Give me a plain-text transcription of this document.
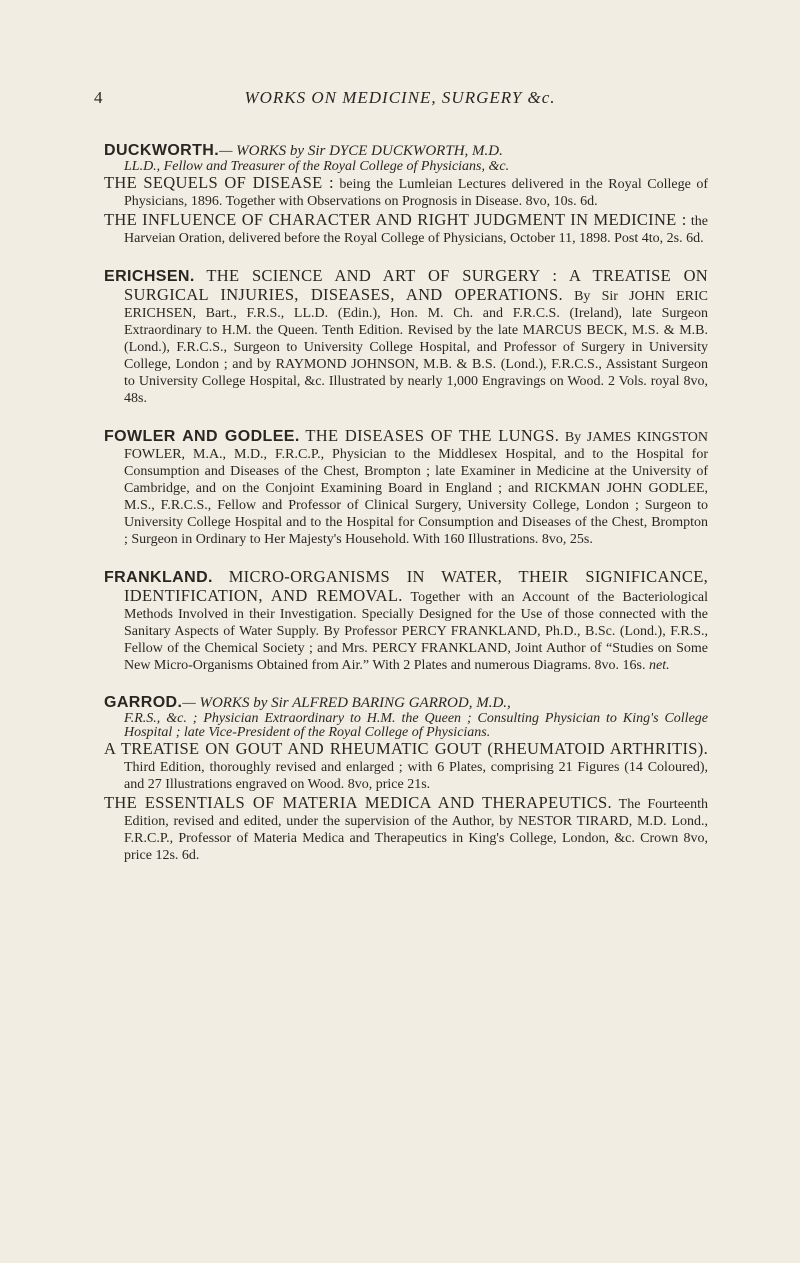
4	WORKS ON MEDICINE, SURGERY &c.

DUCKWORTH.— WORKS by Sir DYCE DUCKWORTH, M.D.

LL.D., Fellow and Treasurer of the Royal College of Physicians, &c.

THE SEQUELS OF DISEASE : being the Lumleian Lectures delivered in the Royal College of Physicians, 1896. Together with Observations on Prognosis in Disease. 8vo, 10s. 6d.

THE INFLUENCE OF CHARACTER AND RIGHT JUDGMENT IN MEDICINE : the Harveian Oration, delivered before the Royal College of Physicians, October 11, 1898. Post 4to, 2s. 6d.

ERICHSEN. THE SCIENCE AND ART OF SURGERY : A TREATISE ON SURGICAL INJURIES, DISEASES, AND OPERATIONS. By Sir JOHN ERIC ERICHSEN, Bart., F.R.S., LL.D. (Edin.), Hon. M. Ch. and F.R.C.S. (Ireland), late Surgeon Extraordinary to H.M. the Queen. Tenth Edition. Revised by the late MARCUS BECK, M.S. & M.B. (Lond.), F.R.C.S., Surgeon to University College Hospital, and Professor of Surgery in University College, London ; and by RAYMOND JOHNSON, M.B. & B.S. (Lond.), F.R.C.S., Assistant Surgeon to University College Hospital, &c. Illustrated by nearly 1,000 Engravings on Wood. 2 Vols. royal 8vo, 48s.

FOWLER AND GODLEE. THE DISEASES OF THE LUNGS. By JAMES KINGSTON FOWLER, M.A., M.D., F.R.C.P., Physician to the Middlesex Hospital, and to the Hospital for Consumption and Diseases of the Chest, Brompton ; late Examiner in Medicine at the University of Cambridge, and on the Conjoint Examining Board in England ; and RICKMAN JOHN GODLEE, M.S., F.R.C.S., Fellow and Professor of Clinical Surgery, University College, London ; Surgeon to University College Hospital and to the Hospital for Consumption and Diseases of the Chest, Brompton ; Surgeon in Ordinary to Her Majesty's Household. With 160 Illustrations. 8vo, 25s.

FRANKLAND. MICRO-ORGANISMS IN WATER, THEIR SIGNIFICANCE, IDENTIFICATION, AND REMOVAL. Together with an Account of the Bacteriological Methods Involved in their Investigation. Specially Designed for the Use of those connected with the Sanitary Aspects of Water Supply. By Professor PERCY FRANKLAND, Ph.D., B.Sc. (Lond.), F.R.S., Fellow of the Chemical Society ; and Mrs. PERCY FRANKLAND, Joint Author of “Studies on Some New Micro-Organisms Obtained from Air.” With 2 Plates and numerous Diagrams. 8vo. 16s. net.

GARROD.— WORKS by Sir ALFRED BARING GARROD, M.D.,

F.R.S., &c. ; Physician Extraordinary to H.M. the Queen ; Consulting Physician to King's College Hospital ; late Vice-President of the Royal College of Physicians.

A TREATISE ON GOUT AND RHEUMATIC GOUT (RHEUMATOID ARTHRITIS). Third Edition, thoroughly revised and enlarged ; with 6 Plates, comprising 21 Figures (14 Coloured), and 27 Illustrations engraved on Wood. 8vo, price 21s.

THE ESSENTIALS OF MATERIA MEDICA AND THERAPEUTICS. The Fourteenth Edition, revised and edited, under the supervision of the Author, by NESTOR TIRARD, M.D. Lond., F.R.C.P., Professor of Materia Medica and Therapeutics in King's College, London, &c. Crown 8vo, price 12s. 6d.
